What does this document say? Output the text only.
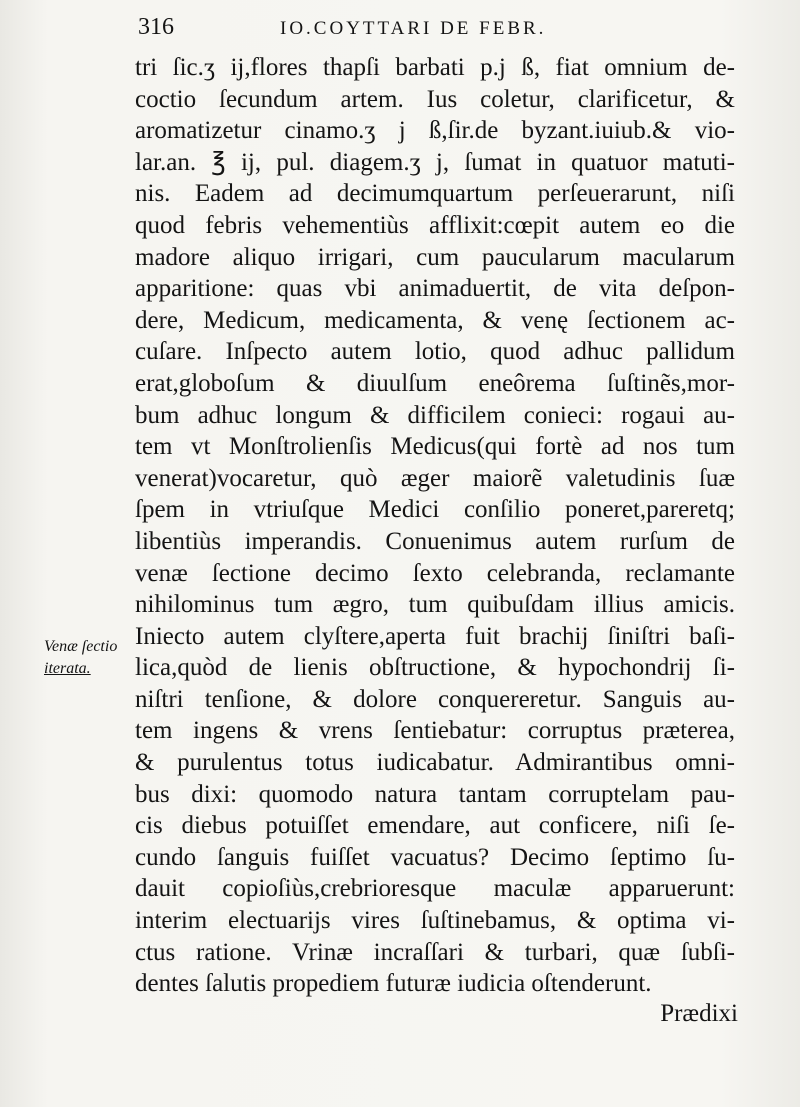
316	IO.COYTTARI DE FEBR.
tri ſic.ʒ ij,flores thapſi barbati p.j ß, fiat omnium de-
coctio ſecundum artem. Ius coletur, clarificetur, &
aromatizetur cinamo.ʒ j ß,ſir.de byzant.iuiub.& vio-
lar.an. ℥ ij, pul. diagem.ʒ j, ſumat in quatuor matuti-
nis. Eadem ad decimumquartum perſeuerarunt, niſi
quod febris vehementiùs afflixit:cœpit autem eo die
madore aliquo irrigari, cum paucularum macularum
apparitione: quas vbi animaduertit, de vita deſpon-
dere, Medicum, medicamenta, & venę ſectionem ac-
cuſare. Inſpecto autem lotio, quod adhuc pallidum
erat,globoſum & diuulſum eneôrema ſuſtinẽs,mor-
bum adhuc longum & difficilem conieci: rogaui au-
tem vt Monſtrolienſis Medicus(qui fortè ad nos tum
venerat)vocaretur, quò æger maiorẽ valetudinis ſuæ
ſpem in vtriuſque Medici conſilio poneret,pareretq;
libentiùs imperandis. Conuenimus autem rurſum de
venæ ſectione decimo ſexto celebranda, reclamante
nihilominus tum ægro, tum quibuſdam illius amicis.
Iniecto autem clyſtere,aperta fuit brachij ſiniſtri baſi-
lica,quòd de lienis obſtructione, & hypochondrij ſi-
niſtri tenſione, & dolore conquereretur. Sanguis au-
tem ingens & vrens ſentiebatur: corruptus præterea,
& purulentus totus iudicabatur. Admirantibus omni-
bus dixi: quomodo natura tantam corruptelam pau-
cis diebus potuiſſet emendare, aut conficere, niſi ſe-
cundo ſanguis fuiſſet vacuatus? Decimo ſeptimo ſu-
dauit copioſiùs,crebrioresque maculæ apparuerunt:
interim electuarijs vires ſuſtinebamus, & optima vi-
ctus ratione. Vrinæ incraſſari & turbari, quæ ſubſi-
dentes ſalutis propediem futuræ iudicia oſtenderunt.
Venæ ſectio
iterata.
Prædixi
